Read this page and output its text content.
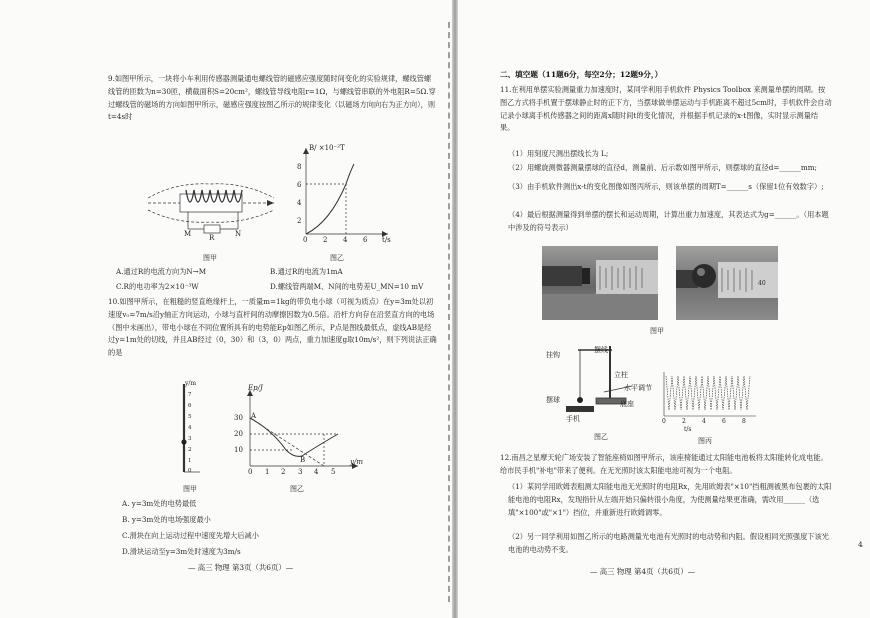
9.如图甲所示，一块将小车利用传感器测量通电螺线管的磁感应强度随时间变化的实验规律，螺线管螺线管的匝数为n=30匝，横截面积S=20cm²，螺线管导线电阻r=1Ω，与螺线管串联的外电阻R=5Ω.穿过螺线管的磁场的方向如图甲所示，磁感应强度按图乙所示的规律变化（以磁场方向向右为正方向），则t=4s时

M	R	N
图甲
B/ ×10⁻²T
t/s
8
6
4
2
0 2 4 6
图乙

A.通过R的电流方向为N→M	B.通过R的电流为1mA

C.R的电功率为2×10⁻³W	D.螺线管两端M、N间的电势差U_MN=10 mV

10.如图甲所示，在粗糙的竖直绝缘杆上，一质量m=1kg的带负电小球（可视为质点）在y=3m处以初速度v₀=7m/s沿y轴正方向运动，小球与直杆间的动摩擦因数为0.5倍。沿杆方向存在沿竖直方向的电场（图中未画出），带电小球在不同位置所具有的电势能Ep如图乙所示，P点是图线最低点，虚线AB是经过y=1m处的切线，并且AB经过（0，30）和（3，0）两点，重力加速度g取10m/s²，则下列说法正确的是

y/m
7
6
5
4
3
2
1
0
图甲
Ep/J
y/m
A
B
30
20
10
0 1 2 3 4 5
图乙

A. y=3m处的电势最低

B. y=3m处的电场强度最小

C.滑块在向上运动过程中速度先增大后减小

D.滑块运动至y=3m处时速度为3m/s

— 高三 物理 第3页（共6页）—

二、填空题（11题6分，每空2分；12题9分，）

11.在利用单摆实验测量重力加速度时，某同学利用手机软件 Physics Toolbox 来测量单摆的周期。按图乙方式将手机置于摆球静止时的正下方，当摆球做单摆运动与手机距离不超过5cm时，手机软件会自动记录小球离手机传感器之间的距离x随时间t的变化情况，并根据手机记录的x-t图像，实时显示测量结果。

（1）用刻度尺测出摆线长为 L;

（2）用螺旋测微器测量摆球的直径d，测量前、后示数如图甲所示，则摆球的直径d=______mm;

（3）由手机软件测出x-t的变化图像如图丙所示，则该单摆的周期T=______s（保留1位有效数字）;

（4）最后根据测量得到单摆的摆长和运动周期，计算出重力加速度，其表达式为g=______。（用本题中涉及的符号表示）

40
图甲
挂钩
摆线
立柱
水平调节
底座
摆球
手机
图乙
0	2	4	6	8
t/s
图丙

12.南昌之星摩天轮广场安装了智能座椅如图甲所示，该座椅能通过太阳能电池板将太阳能转化成电能。给市民手机"补电"带来了便利。在无光照时该太阳能电池可视为一个电阻。

（1）某同学用欧姆表粗测太阳能电池无光照时的电阻Rx，先用欧姆表"×10"挡粗测被黑布包裹的太阳能电池的电阻Rx，发现指针从左端开始只偏转很小角度，为使测量结果更准确，需改用______（选填"×100"或"×1"）挡位，并重新进行欧姆调零。

（2）另一同学利用如图乙所示的电路测量光电池有光照时的电动势和内阻。假设相同光照强度下该光电池的电动势不变。

— 高三 物理 第4页（共6页）—

4
